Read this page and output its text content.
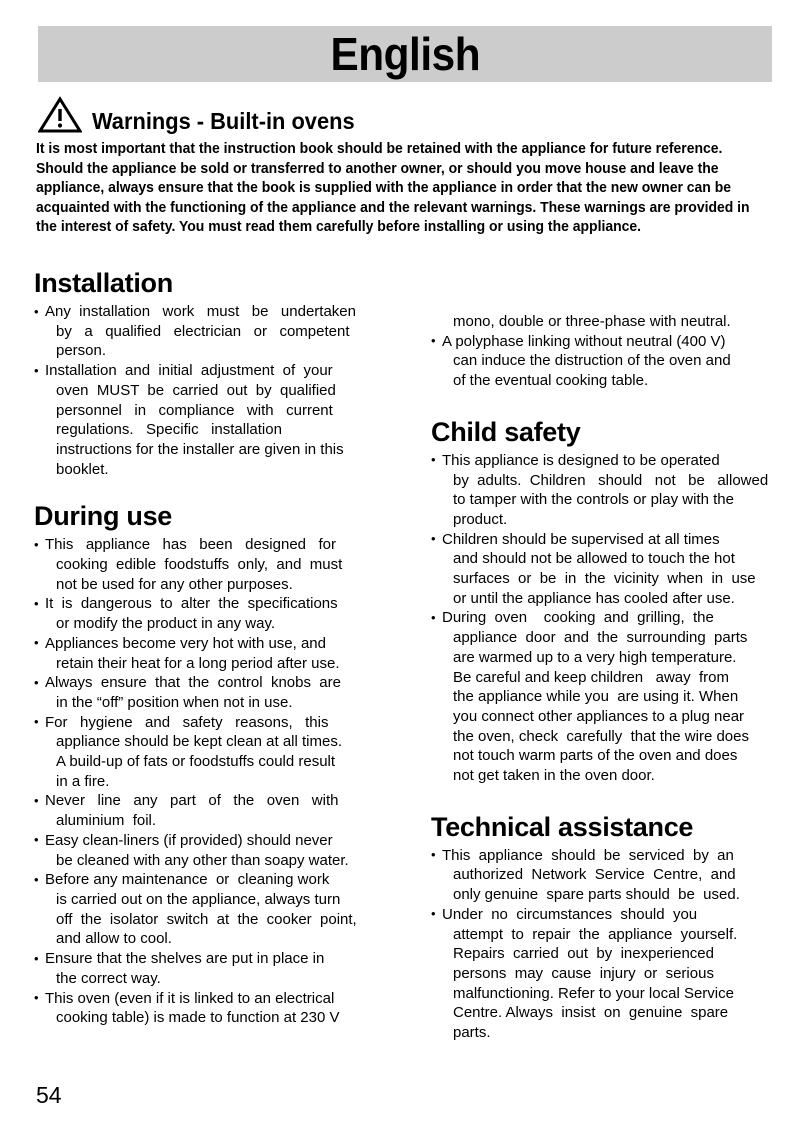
English
Warnings - Built-in ovens
It is most important that the instruction book should be retained with the appliance for future reference. Should the appliance be sold or transferred to another owner, or should you move house and leave the appliance, always ensure that the book is supplied with the appliance in order that the new owner can be acquainted with the functioning of the appliance and the relevant warnings. These warnings are provided in the interest of safety. You must read them carefully before installing or using the appliance.
Installation
• Any  installation   work   must   be   undertaken
by   a   qualified   electrician   or   competent
person.
• Installation  and  initial  adjustment  of  your
oven  MUST  be  carried  out  by  qualified
personnel   in   compliance   with   current
regulations.   Specific   installation
instructions for the installer are given in this
booklet.
During use
• This   appliance   has   been   designed   for
cooking  edible  foodstuffs  only,  and  must
not be used for any other purposes.
• It  is  dangerous  to  alter  the  specifications
or modify the product in any way.
• Appliances become very hot with use, and
retain their heat for a long period after use.
• Always  ensure  that  the  control  knobs  are
in the “off” position when not in use.
• For   hygiene   and   safety   reasons,   this
appliance should be kept clean at all times.
A build-up of fats or foodstuffs could result
in a fire.
• Never   line   any   part   of   the   oven   with
aluminium  foil.
• Easy clean-liners (if provided) should never
be cleaned with any other than soapy water.
• Before any maintenance  or  cleaning work
is carried out on the appliance, always turn
off  the  isolator  switch  at  the  cooker  point,
and allow to cool.
• Ensure that the shelves are put in place in
the correct way.
• This oven (even if it is linked to an electrical
cooking table) is made to function at 230 V

mono, double or three-phase with neutral.

• A polyphase linking without neutral (400 V)
can induce the distruction of the oven and
of the eventual cooking table.
Child safety
• This appliance is designed to be operated
by  adults.  Children   should   not   be   allowed
to tamper with the controls or play with the
product.
• Children should be supervised at all times
and should not be allowed to touch the hot
surfaces  or  be  in  the  vicinity  when  in  use
or until the appliance has cooled after use.
• During  oven    cooking  and  grilling,  the
appliance  door  and  the  surrounding  parts
are warmed up to a very high temperature.
Be careful and keep children   away  from
the appliance while you  are using it. When
you connect other appliances to a plug near
the oven, check  carefully  that the wire does
not touch warm parts of the oven and does
not get taken in the oven door.
Technical assistance
• This  appliance  should  be  serviced  by  an
authorized  Network  Service  Centre,  and
only genuine  spare parts should  be  used.
• Under  no  circumstances  should  you
attempt  to  repair  the  appliance  yourself.
Repairs  carried  out  by  inexperienced
persons  may  cause  injury  or  serious
malfunctioning. Refer to your local Service
Centre. Always  insist  on  genuine  spare
parts.
54
